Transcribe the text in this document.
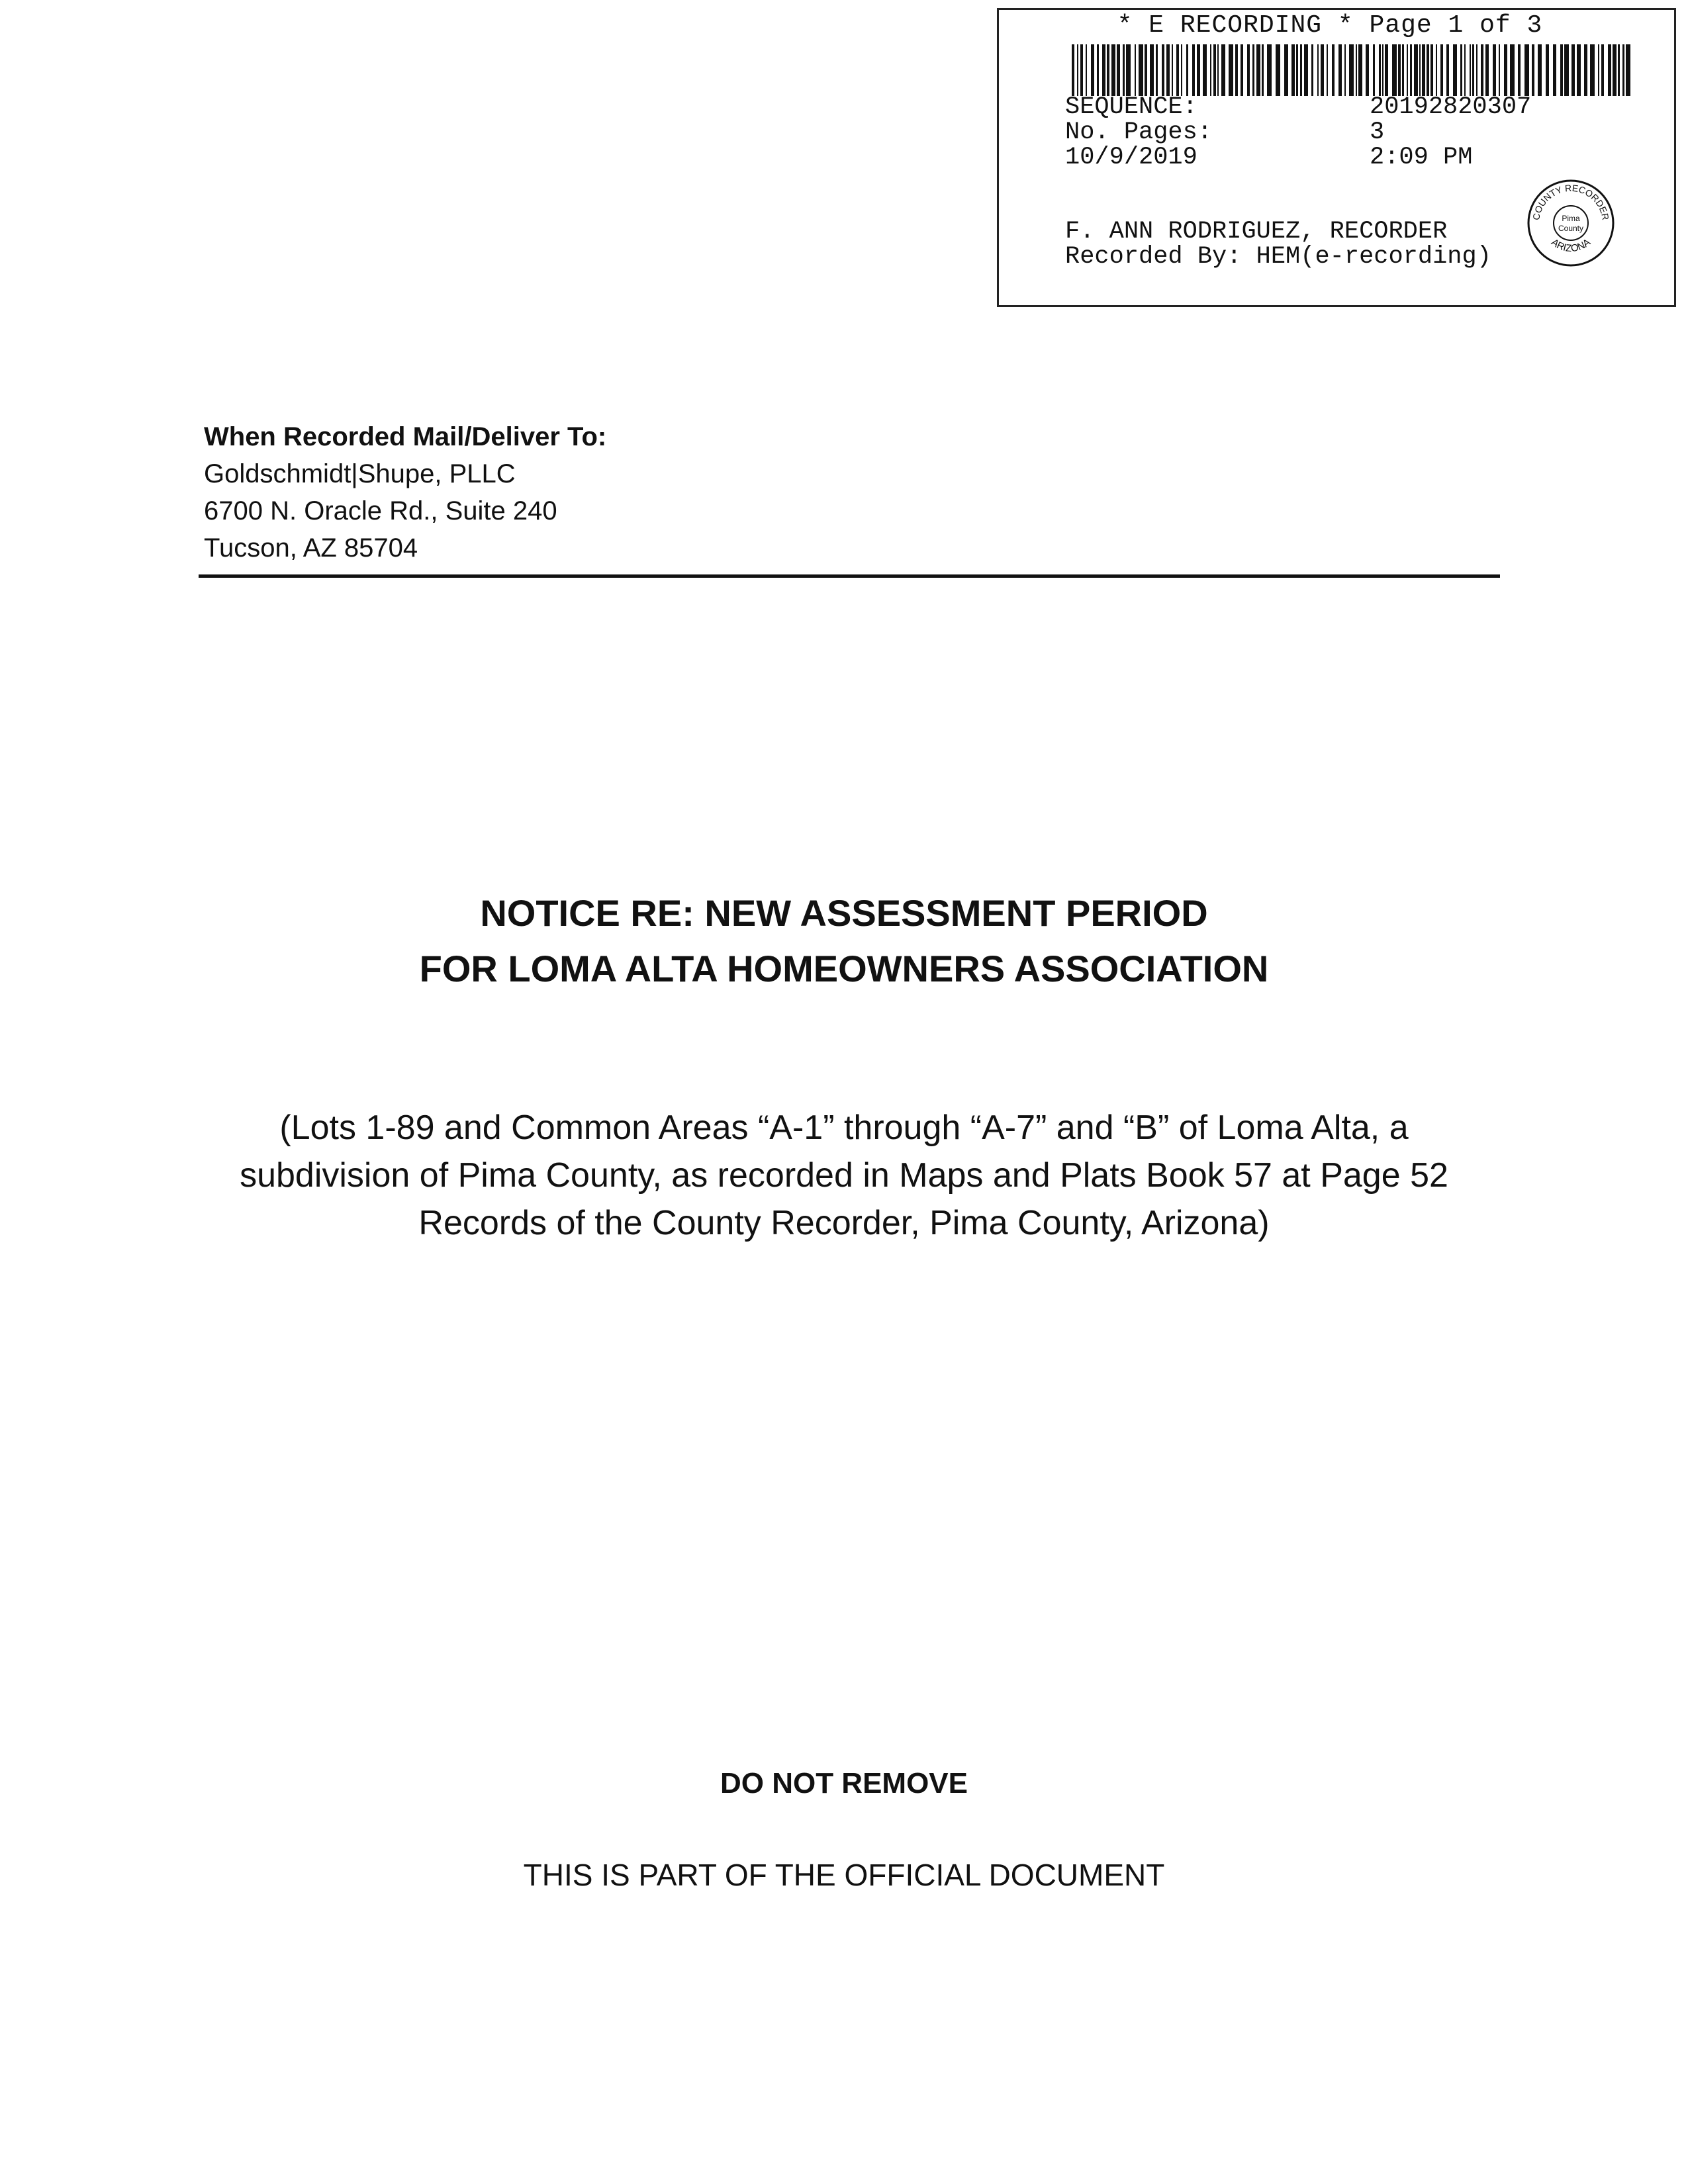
* E RECORDING * Page 1 of 3
SEQUENCE:	20192820307
No. Pages:	3
10/9/2019	2:09 PM
F. ANN RODRIGUEZ, RECORDER
Recorded By: HEM(e-recording)
COUNTY RECORDER
ARIZONA
Pima
County
When Recorded Mail/Deliver To:
Goldschmidt|Shupe, PLLC
6700 N. Oracle Rd., Suite 240
Tucson, AZ 85704
NOTICE RE: NEW ASSESSMENT PERIOD
FOR LOMA ALTA HOMEOWNERS ASSOCIATION
(Lots 1-89 and Common Areas “A-1” through “A-7” and “B” of Loma Alta, a
subdivision of Pima County, as recorded in Maps and Plats Book 57 at Page 52
Records of the County Recorder, Pima County, Arizona)
DO NOT REMOVE
THIS IS PART OF THE OFFICIAL DOCUMENT
